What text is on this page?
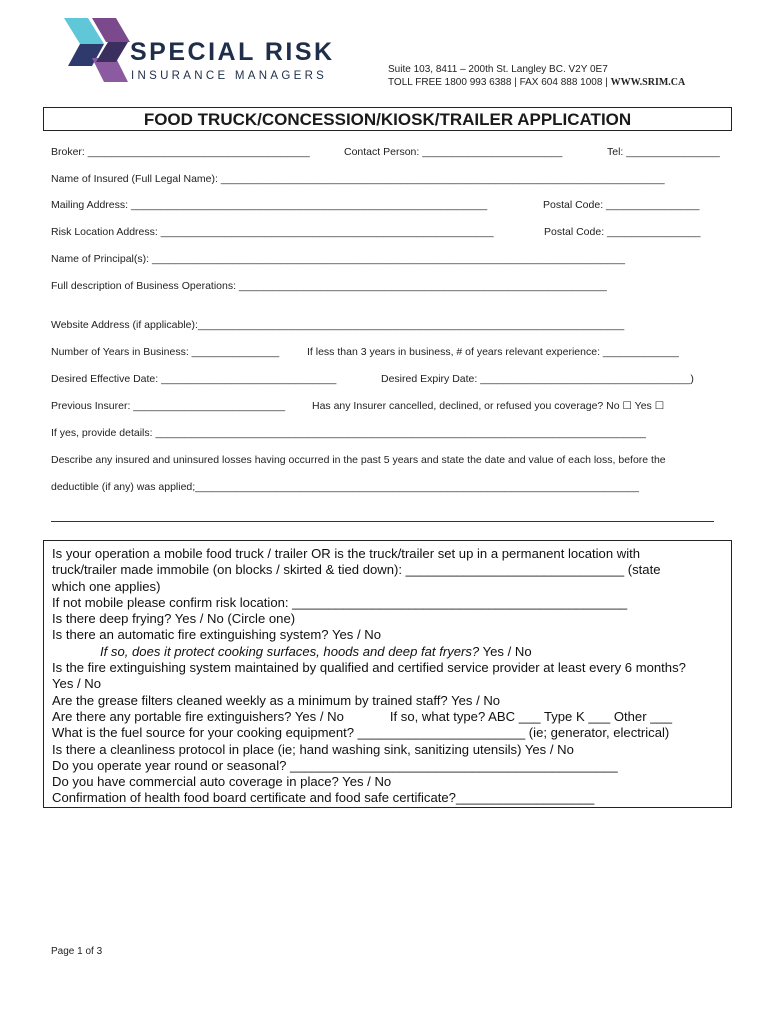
SPECIAL RISK
INSURANCE MANAGERS
Suite 103, 8411 – 200th St. Langley BC. V2Y 0E7
TOLL FREE 1800 993 6388 | FAX 604 888 1008 | WWW.SRIM.CA
FOOD TRUCK/CONCESSION/KIOSK/TRAILER APPLICATION
Broker: ______________________________________	Contact Person: ________________________	Tel: ________________
Name of Insured (Full Legal Name): ____________________________________________________________________________
Mailing Address: _____________________________________________________________	Postal Code: ________________
Risk Location Address: _________________________________________________________	Postal Code: ________________
Name of Principal(s): _________________________________________________________________________________
Full description of Business Operations: _______________________________________________________________
Website Address (if applicable):_________________________________________________________________________
Number of Years in Business: _______________	If less than 3 years in business, # of years relevant experience: _____________
Desired Effective Date: ______________________________	Desired Expiry Date: ____________________________________)
Previous Insurer: __________________________	Has any Insurer cancelled, declined, or refused you coverage? No ☐ Yes ☐
If yes, provide details: ____________________________________________________________________________________
Describe any insured and uninsured losses having occurred in the past 5 years and state the date and value of each loss, before the
deductible (if any) was applied;____________________________________________________________________________
Is your operation a mobile food truck / trailer OR is the truck/trailer set up in a permanent location with
truck/trailer made immobile (on blocks / skirted & tied down): ______________________________ (state
which one applies)
If not mobile please confirm risk location: ______________________________________________
Is there deep frying? Yes / No (Circle one)
Is there an automatic fire extinguishing system? Yes / No
If so, does it protect cooking surfaces, hoods and deep fat fryers? Yes / No
Is the fire extinguishing system maintained by qualified and certified service provider at least every 6 months?
Yes / No
Are the grease filters cleaned weekly as a minimum by trained staff? Yes / No
Are there any portable fire extinguishers? Yes / No	If so, what type? ABC ___ Type K ___ Other ___
What is the fuel source for your cooking equipment? _______________________ (ie; generator, electrical)
Is there a cleanliness protocol in place (ie; hand washing sink, sanitizing utensils) Yes / No
Do you operate year round or seasonal? _____________________________________________
Do you have commercial auto coverage in place? Yes / No
Confirmation of health food board certificate and food safe certificate?___________________
Page 1 of 3
